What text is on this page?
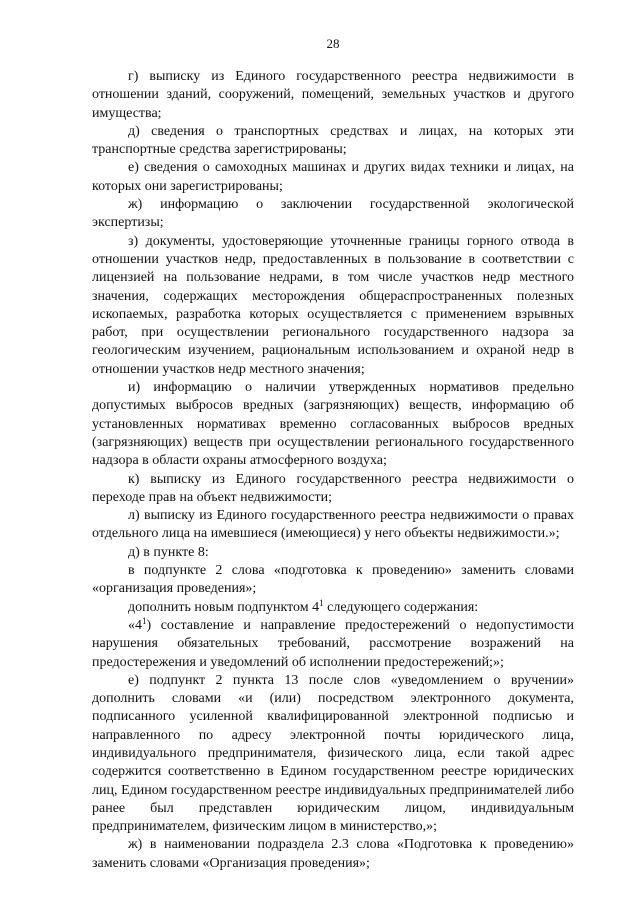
28

г) выписку из Единого государственного реестра недвижимости в отношении зданий, сооружений, помещений, земельных участков и другого имущества;

д) сведения о транспортных средствах и лицах, на которых эти транспортные средства зарегистрированы;

е) сведения о самоходных машинах и других видах техники и лицах, на которых они зарегистрированы;

ж) информацию о заключении государственной экологической экспертизы;

з) документы, удостоверяющие уточненные границы горного отвода в отношении участков недр, предоставленных в пользование в соответствии с лицензией на пользование недрами, в том числе участков недр местного значения, содержащих месторождения общераспространенных полезных ископаемых, разработка которых осуществляется с применением взрывных работ, при осуществлении регионального государственного надзора за геологическим изучением, рациональным использованием и охраной недр в отношении участков недр местного значения;

и) информацию о наличии утвержденных нормативов предельно допустимых выбросов вредных (загрязняющих) веществ, информацию об установленных нормативах временно согласованных выбросов вредных (загрязняющих) веществ при осуществлении регионального государственного надзора в области охраны атмосферного воздуха;

к) выписку из Единого государственного реестра недвижимости о переходе прав на объект недвижимости;

л) выписку из Единого государственного реестра недвижимости о правах отдельного лица на имевшиеся (имеющиеся) у него объекты недвижимости.»;

д) в пункте 8:

в подпункте 2 слова «подготовка к проведению» заменить словами «организация проведения»;

дополнить новым подпунктом $4^1$ следующего содержания:

«$4^1$) составление и направление предостережений о недопустимости нарушения обязательных требований, рассмотрение возражений на предостережения и уведомлений об исполнении предостережений;»;

е) подпункт 2 пункта 13 после слов «уведомлением о вручении» дополнить словами «и (или) посредством электронного документа, подписанного усиленной квалифицированной электронной подписью и направленного по адресу электронной почты юридического лица, индивидуального предпринимателя, физического лица, если такой адрес содержится соответственно в Едином государственном реестре юридических лиц, Едином государственном реестре индивидуальных предпринимателей либо ранее был представлен юридическим лицом, индивидуальным предпринимателем, физическим лицом в министерство,»;

ж) в наименовании подраздела 2.3 слова «Подготовка к проведению» заменить словами «Организация проведения»;
